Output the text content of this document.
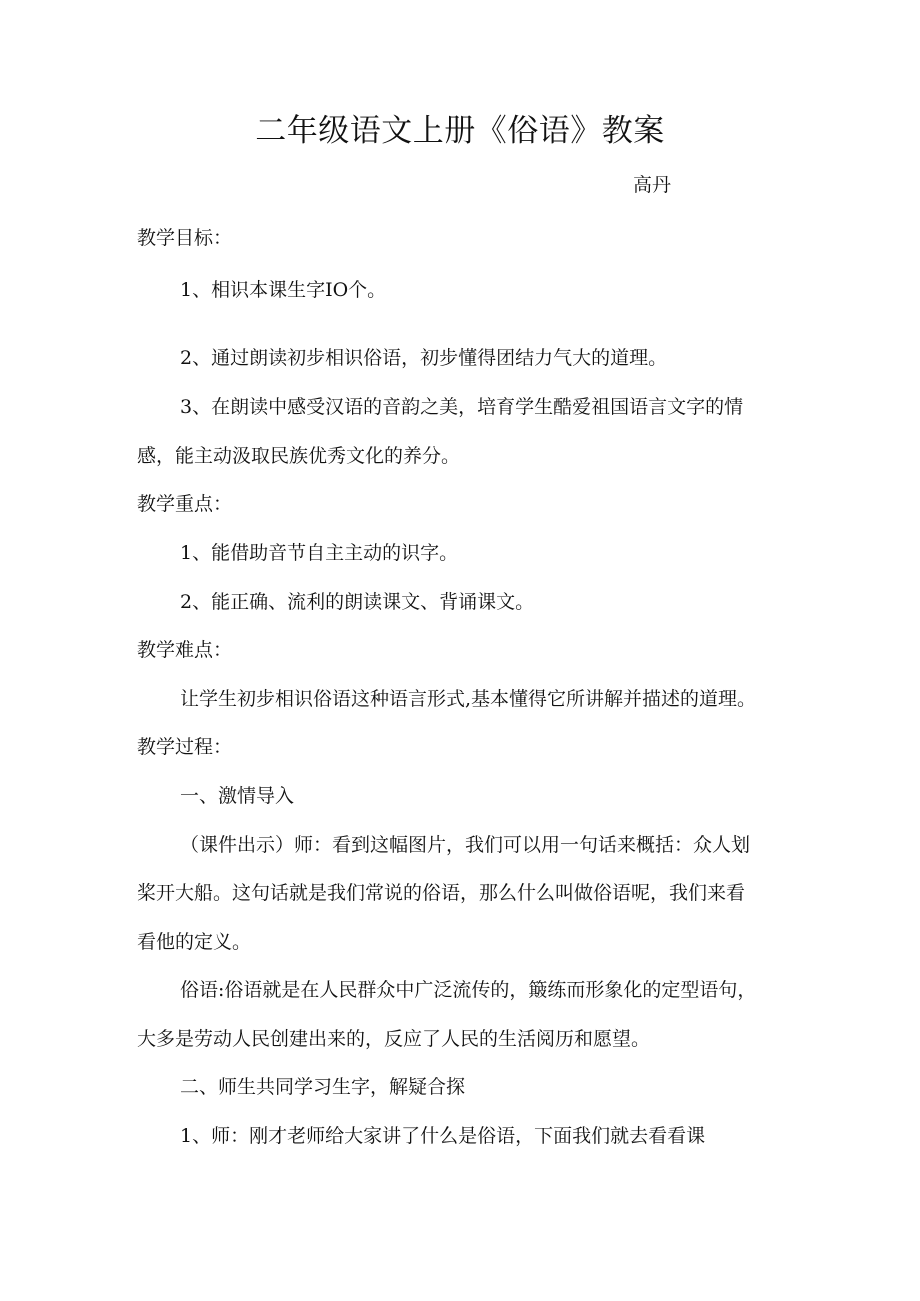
二年级语文上册《俗语》教案
高丹
教学目标：
1、相识本课生字IO个。
2、通过朗读初步相识俗语，初步懂得团结力气大的道理。
3、在朗读中感受汉语的音韵之美，培育学生酷爱祖国语言文字的情
感，能主动汲取民族优秀文化的养分。
教学重点：
1、能借助音节自主主动的识字。
2、能正确、流利的朗读课文、背诵课文。
教学难点：
让学生初步相识俗语这种语言形式,基本懂得它所讲解并描述的道理。
教学过程：
一、激情导入
（课件出示）师：看到这幅图片，我们可以用一句话来概括：众人划
桨开大船。这句话就是我们常说的俗语，那么什么叫做俗语呢，我们来看
看他的定义。
俗语:俗语就是在人民群众中广泛流传的，簸练而形象化的定型语句，
大多是劳动人民创建出来的，反应了人民的生活阅历和愿望。
二、师生共同学习生字，解疑合探
1、师：刚才老师给大家讲了什么是俗语，下面我们就去看看课
